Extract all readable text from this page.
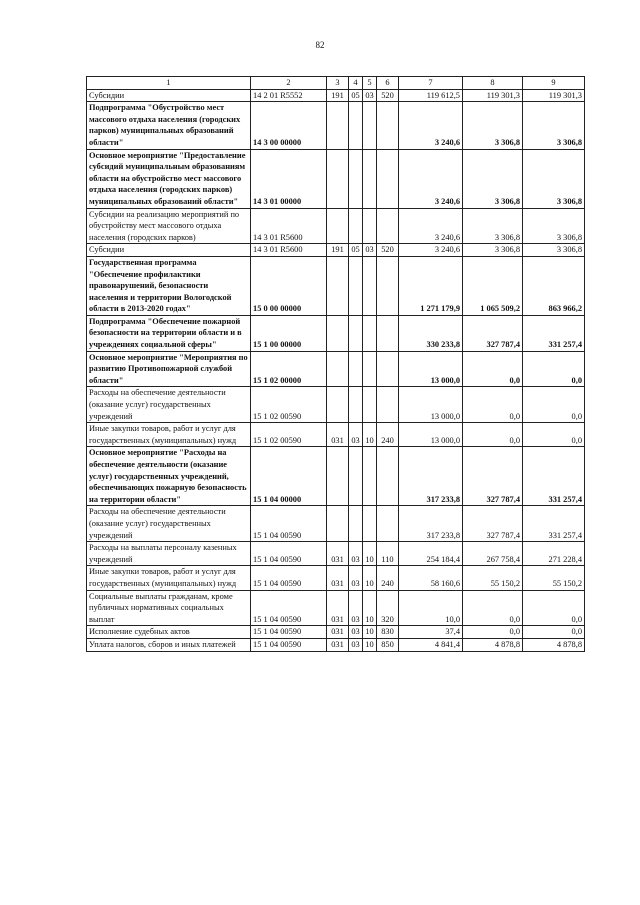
82
1	2	3	4	5	6	7	8	9
Субсидии	14 2 01 R5552	191	05	03	520	119 612,5	119 301,3	119 301,3
Подпрограмма "Обустройство мест массового отдыха населения (городских парков) муниципальных образований области"	14 3 00 00000					3 240,6	3 306,8	3 306,8
Основное мероприятие "Предоставление субсидий муниципальным образованиям области на обустройство мест массового отдыха населения (городских парков) муниципальных образований области"	14 3 01 00000					3 240,6	3 306,8	3 306,8
Субсидии на реализацию мероприятий по обустройству мест массового отдыха населения (городских парков)	14 3 01 R5600					3 240,6	3 306,8	3 306,8
Субсидии	14 3 01 R5600	191	05	03	520	3 240,6	3 306,8	3 306,8
Государственная программа "Обеспечение профилактики правонарушений, безопасности населения и территории Вологодской области в 2013-2020 годах"	15 0 00 00000					1 271 179,9	1 065 509,2	863 966,2
Подпрограмма "Обеспечение пожарной безопасности на территории области и в учреждениях социальной сферы"	15 1 00 00000					330 233,8	327 787,4	331 257,4
Основное мероприятие "Мероприятия по развитию Противопожарной службой области"	15 1 02 00000					13 000,0	0,0	0,0
Расходы на обеспечение деятельности (оказание услуг) государственных учреждений	15 1 02 00590					13 000,0	0,0	0,0
Иные закупки товаров, работ и услуг для государственных (муниципальных) нужд	15 1 02 00590	031	03	10	240	13 000,0	0,0	0,0
Основное мероприятие "Расходы на обеспечение деятельности (оказание услуг) государственных учреждений, обеспечивающих пожарную безопасность на территории области"	15 1 04 00000					317 233,8	327 787,4	331 257,4
Расходы на обеспечение деятельности (оказание услуг) государственных учреждений	15 1 04 00590					317 233,8	327 787,4	331 257,4
Расходы на выплаты персоналу казенных учреждений	15 1 04 00590	031	03	10	110	254 184,4	267 758,4	271 228,4
Иные закупки товаров, работ и услуг для государственных (муниципальных) нужд	15 1 04 00590	031	03	10	240	58 160,6	55 150,2	55 150,2
Социальные выплаты гражданам, кроме публичных нормативных социальных выплат	15 1 04 00590	031	03	10	320	10,0	0,0	0,0
Исполнение судебных актов	15 1 04 00590	031	03	10	830	37,4	0,0	0,0
Уплата налогов, сборов и иных платежей	15 1 04 00590	031	03	10	850	4 841,4	4 878,8	4 878,8
